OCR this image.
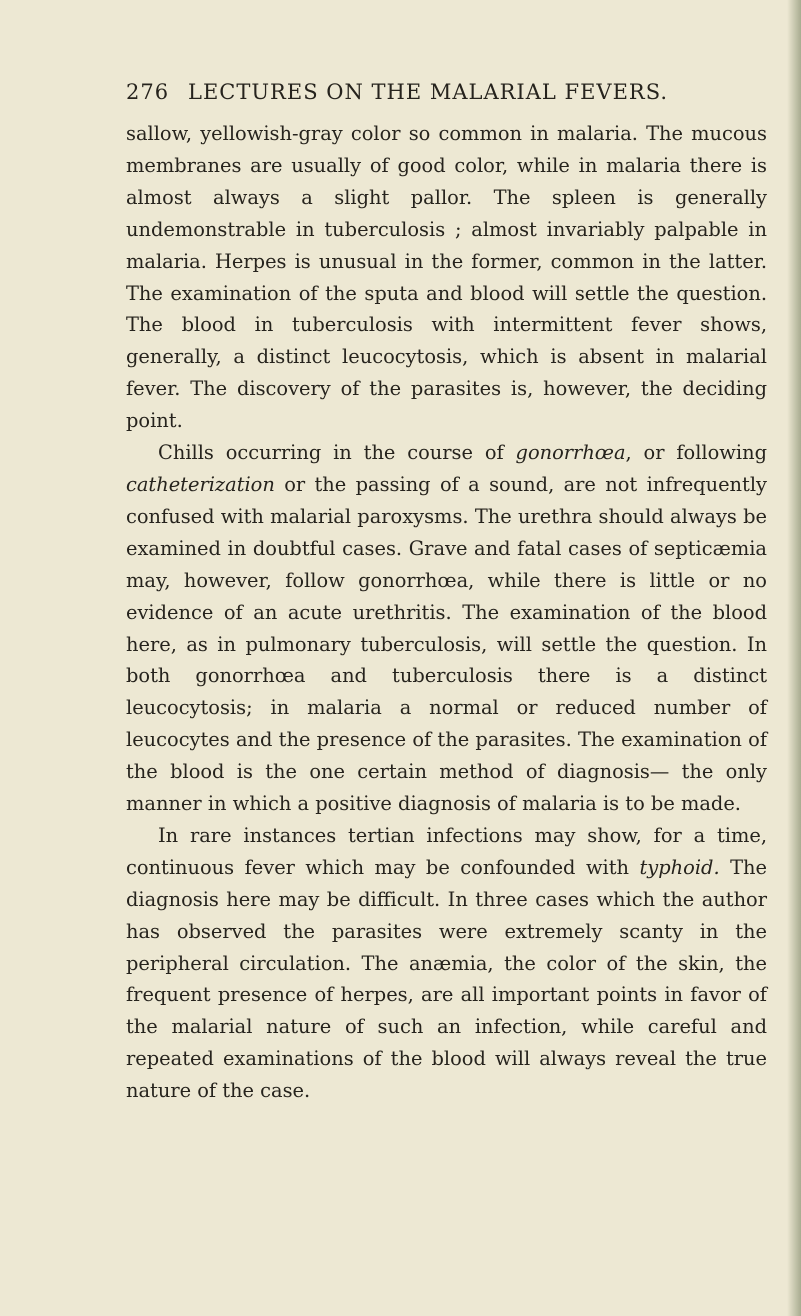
276 LECTURES ON THE MALARIAL FEVERS.

sallow, yellowish-gray color so common in malaria. The mucous membranes are usually of good color, while in malaria there is almost always a slight pallor. The spleen is generally undemonstrable in tuberculosis ; almost invariably palpable in malaria. Herpes is unusual in the former, common in the latter. The examination of the sputa and blood will settle the question. The blood in tuberculosis with intermittent fever shows, generally, a distinct leucocytosis, which is absent in malarial fever. The discovery of the parasites is, however, the deciding point.

Chills occurring in the course of gonorrhœa, or following catheterization or the passing of a sound, are not infrequently confused with malarial paroxysms. The urethra should always be examined in doubtful cases. Grave and fatal cases of septicæmia may, however, follow gonorrhœa, while there is little or no evidence of an acute urethritis. The examination of the blood here, as in pulmonary tuberculosis, will settle the question. In both gonorrhœa and tuberculosis there is a distinct leucocytosis; in malaria a normal or reduced number of leucocytes and the presence of the parasites. The examination of the blood is the one certain method of diagnosis— the only manner in which a positive diagnosis of malaria is to be made.

In rare instances tertian infections may show, for a time, continuous fever which may be confounded with typhoid. The diagnosis here may be difficult. In three cases which the author has observed the parasites were extremely scanty in the peripheral circulation. The anæmia, the color of the skin, the frequent presence of herpes, are all important points in favor of the malarial nature of such an infection, while careful and repeated examinations of the blood will always reveal the true nature of the case.
